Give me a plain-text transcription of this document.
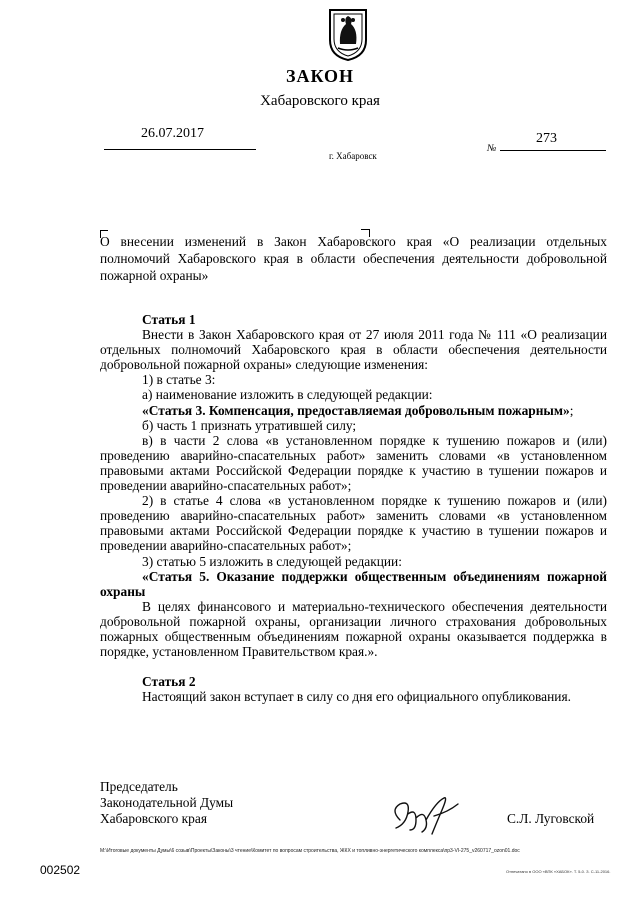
ЗАКОН
Хабаровского края
26.07.2017
№
273
г. Хабаровск
О внесении изменений в Закон Хабаровского края «О реализации отдельных полномочий Хабаровского края в области обеспечения деятельности добровольной пожарной охраны»

Статья 1

Внести в Закон Хабаровского края от 27 июля 2011 года № 111 «О реализации отдельных полномочий Хабаровского края в области обеспечения деятельности добровольной пожарной охраны» следующие изменения:

1) в статье 3:

а) наименование изложить в следующей редакции:

«Статья 3. Компенсация, предоставляемая добровольным пожарным»;

б) часть 1 признать утратившей силу;

в) в части 2 слова «в установленном порядке к тушению пожаров и (или) проведению аварийно-спасательных работ» заменить словами «в установленном правовыми актами Российской Федерации порядке к участию в тушении пожаров и проведении аварийно-спасательных работ»;

2) в статье 4 слова «в установленном порядке к тушению пожаров и (или) проведению аварийно-спасательных работ» заменить словами «в установленном правовыми актами Российской Федерации порядке к участию в тушении пожаров и проведении аварийно-спасательных работ»;

3) статью 5 изложить в следующей редакции:

«Статья 5. Оказание поддержки общественным объединениям пожарной охраны

В целях финансового и материально-технического обеспечения деятельности добровольной пожарной охраны, организации личного страхования добровольных пожарных общественным объединениям пожарной охраны оказывается поддержка в порядке, установленном Правительством края.».

Статья 2

Настоящий закон вступает в силу со дня его официального опубликования.

Председатель
Законодательной Думы
Хабаровского края	С.Л. Луговской
M:\Итоговые документы Думы\6 созыв\Проекты\Законы\3 чтение\Комитет по вопросам строительства, ЖКХ и топливно-энергетического комплекса\пр3-VI-275_v260717_ozon01.doc
Отпечатано в ООО «ВПК «ХАБОК». Т. 5-0. З. С-11-2016.
002502
